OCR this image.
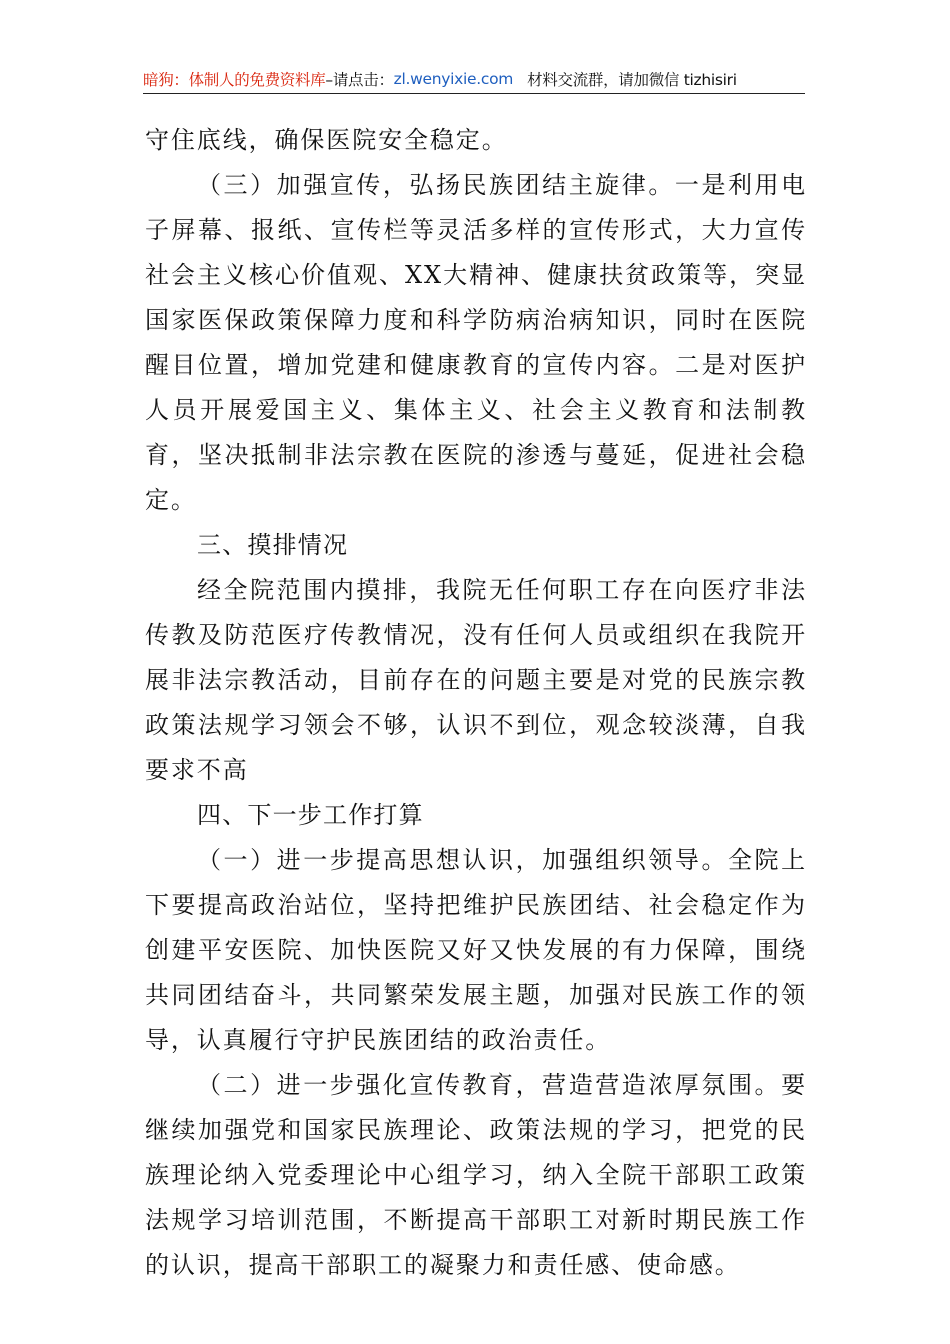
暗狗：体制人的免费资料库 –请点击： zl.wenyixie.com 材料交流群，请加微信 tizhisiri

守住底线，确保医院安全稳定。

（三）加强宣传，弘扬民族团结主旋律。一是利用电子屏幕、报纸、宣传栏等灵活多样的宣传形式，大力宣传社会主义核心价值观、XX大精神、健康扶贫政策等，突显国家医保政策保障力度和科学防病治病知识，同时在医院醒目位置，增加党建和健康教育的宣传内容。二是对医护人员开展爱国主义、集体主义、社会主义教育和法制教育，坚决抵制非法宗教在医院的渗透与蔓延，促进社会稳定。

三、摸排情况

经全院范围内摸排，我院无任何职工存在向医疗非法传教及防范医疗传教情况，没有任何人员或组织在我院开展非法宗教活动，目前存在的问题主要是对党的民族宗教政策法规学习领会不够，认识不到位，观念较淡薄，自我要求不高

四、下一步工作打算

（一）进一步提高思想认识，加强组织领导。全院上下要提高政治站位，坚持把维护民族团结、社会稳定作为创建平安医院、加快医院又好又快发展的有力保障，围绕共同团结奋斗，共同繁荣发展主题，加强对民族工作的领导，认真履行守护民族团结的政治责任。

（二）进一步强化宣传教育，营造营造浓厚氛围。要继续加强党和国家民族理论、政策法规的学习，把党的民族理论纳入党委理论中心组学习，纳入全院干部职工政策法规学习培训范围，不断提高干部职工对新时期民族工作的认识，提高干部职工的凝聚力和责任感、使命感。
